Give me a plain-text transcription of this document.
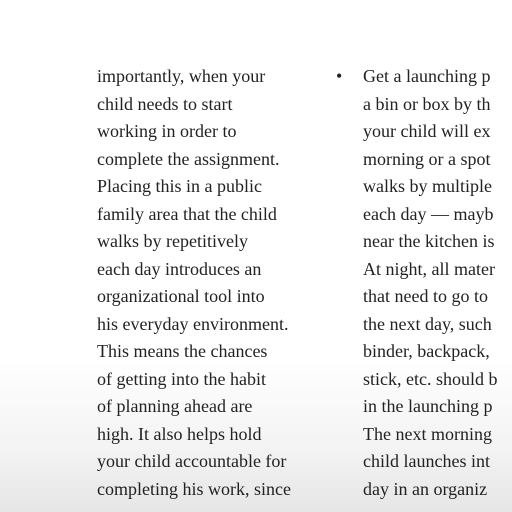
importantly, when your
child needs to start
working in order to
complete the assignment.
Placing this in a public
family area that the child
walks by repetitively
each day introduces an
organizational tool into
his everyday environment.
This means the chances
of getting into the habit
of planning ahead are
high. It also helps hold
your child accountable for
completing his work, since
• Get a launching p
a bin or box by th
your child will ex
morning or a spot
walks by multiple
each day — mayb
near the kitchen is
At night, all mater
that need to go to
the next day, such
binder, backpack,
stick, etc. should b
in the launching p
The next morning
child launches int
day in an organiz
